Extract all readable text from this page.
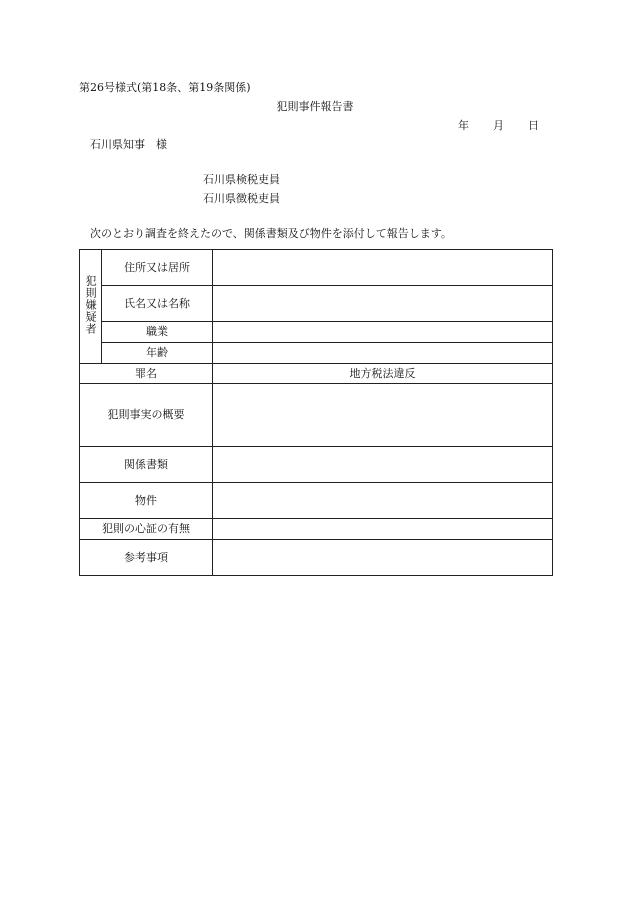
第26号様式(第18条、第19条関係)
犯則事件報告書
年 月 日
石川県知事　様
石川県検税吏員
石川県徴税吏員
次のとおり調査を終えたので、関係書類及び物件を添付して報告します。
犯則嫌疑者	住所又は居所	
	氏名又は名称	
	職業	
	年齢	
罪名		地方税法違反
犯則事実の概要		
関係書類		
物件		
犯則の心証の有無		
参考事項		
